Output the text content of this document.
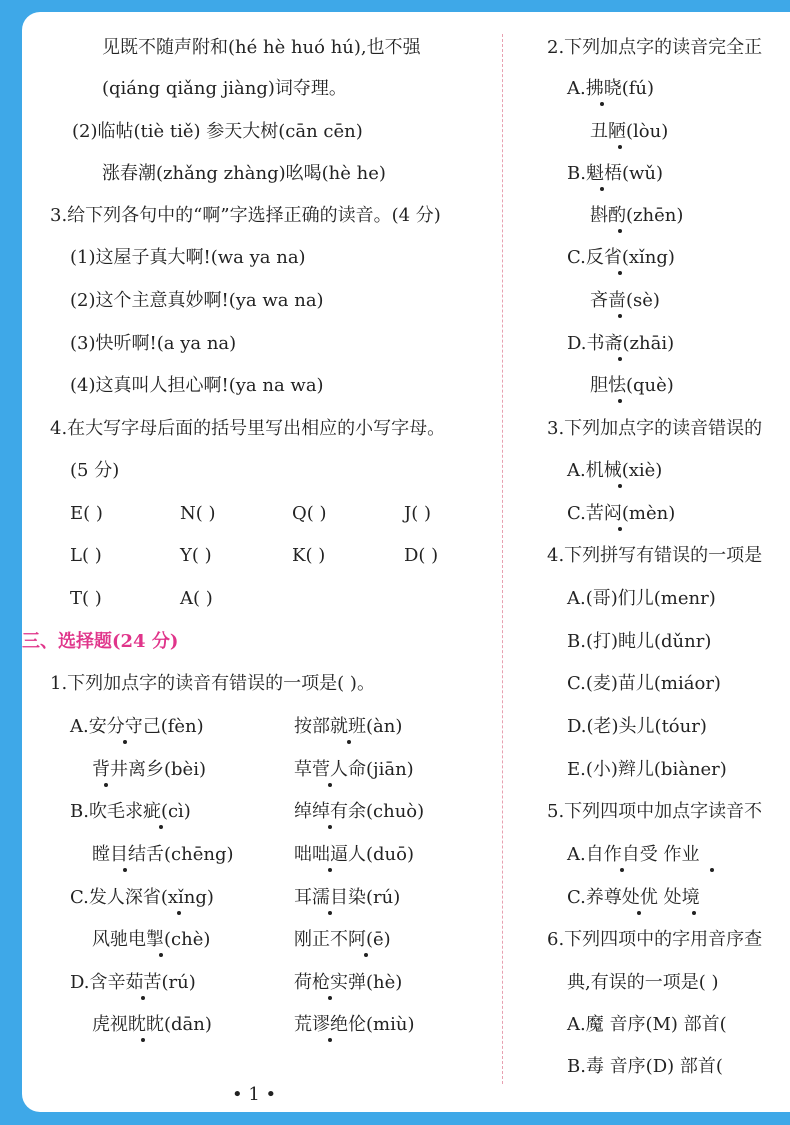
见既不随声附和(hé hè huó hú),也不强
(qiáng qiǎng jiàng)词夺理。
(2)临帖(tiè tiě) 参天大树(cān cēn)
涨春潮(zhǎng zhàng)吆喝(hè he)
3.给下列各句中的“啊”字选择正确的读音。(4 分)
(1)这屋子真大啊!(wa ya na)
(2)这个主意真妙啊!(ya wa na)
(3)快听啊!(a ya na)
(4)这真叫人担心啊!(ya na wa)
4.在大写字母后面的括号里写出相应的小写字母。
(5 分)
E( )	N( )	Q( )	J( )
L( )	Y( )	K( )	D( )
T( )	A( )
三、选择题(24 分)
1.下列加点字的读音有错误的一项是( )。
A.安分守己(fèn)	按部就班(àn)
背井离乡(bèi)	草菅人命(jiān)
B.吹毛求疵(cì)	绰绰有余(chuò)
瞠目结舌(chēng)	咄咄逼人(duō)
C.发人深省(xǐng)	耳濡目染(rú)
风驰电掣(chè)	刚正不阿(ē)
D.含辛茹苦(rú)	荷枪实弹(hè)
虎视眈眈(dān)	荒谬绝伦(miù)
2.下列加点字的读音完全正
A.拂晓(fú)
丑陋(lòu)
B.魁梧(wǔ)
斟酌(zhēn)
C.反省(xǐng)
吝啬(sè)
D.书斋(zhāi)
胆怯(què)
3.下列加点字的读音错误的
A.机械(xiè)
C.苦闷(mèn)
4.下列拼写有错误的一项是
A.(哥)们儿(menr)
B.(打)盹儿(dǔnr)
C.(麦)苗儿(miáor)
D.(老)头儿(tóur)
E.(小)辫儿(biàner)
5.下列四项中加点字读音不
A.自作自受 作业
C.养尊处优 处境
6.下列四项中的字用音序查
典,有误的一项是( )
A.魔 音序(M) 部首(
B.毒 音序(D) 部首(
• 1 •
